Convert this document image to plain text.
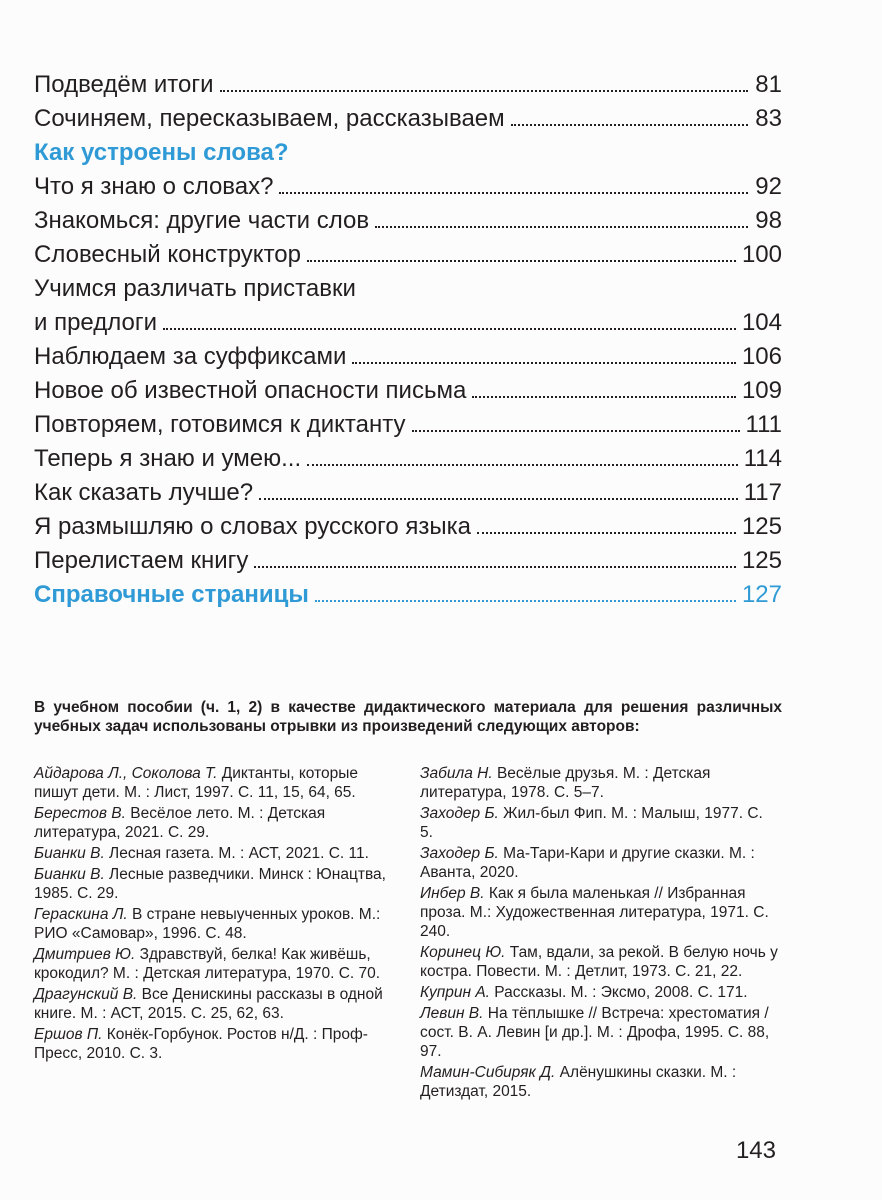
Подведём итоги	81
Сочиняем, пересказываем, рассказываем	83
Как устроены слова?
Что я знаю о словах?	92
Знакомься: другие части слов	98
Словесный конструктор	100
Учимся различать приставки
и предлоги	104
Наблюдаем за суффиксами	106
Новое об известной опасности письма	109
Повторяем, готовимся к диктанту	111
Теперь я знаю и умею...	114
Как сказать лучше?	117
Я размышляю о словах русского языка	125
Перелистаем книгу	125
Справочные страницы	127
В учебном пособии (ч. 1, 2) в качестве дидактического материала для решения различных учебных задач использованы отрывки из произведений следующих авторов:
Айдарова Л., Соколова Т. Диктанты, которые пишут дети. М. : Лист, 1997. С. 11, 15, 64, 65.
Берестов В. Весёлое лето. М. : Детская литература, 2021. С. 29.
Бианки В. Лесная газета. М. : АСТ, 2021. С. 11.
Бианки В. Лесные разведчики. Минск : Юнацтва, 1985. С. 29.
Гераскина Л. В стране невыученных уроков. М.: РИО «Самовар», 1996. С. 48.
Дмитриев Ю. Здравствуй, белка! Как живёшь, крокодил? М. : Детская литература, 1970. С. 70.
Драгунский В. Все Денискины рассказы в одной книге. М. : АСТ, 2015. С. 25, 62, 63.
Ершов П. Конёк-Горбунок. Ростов н/Д. : Проф-Пресс, 2010. С. 3.
Забила Н. Весёлые друзья. М. : Детская литература, 1978. С. 5–7.
Заходер Б. Жил-был Фип. М. : Малыш, 1977. С. 5.
Заходер Б. Ма-Тари-Кари и другие сказки. М. : Аванта, 2020.
Инбер В. Как я была маленькая // Избранная проза. М.: Художественная литература, 1971. С. 240.
Коринец Ю. Там, вдали, за рекой. В белую ночь у костра. Повести. М. : Детлит, 1973. С. 21, 22.
Куприн А. Рассказы. М. : Эксмо, 2008. С. 171.
Левин В. На тёплышке // Встреча: хрестоматия / сост. В. А. Левин [и др.]. М. : Дрофа, 1995. С. 88, 97.
Мамин-Сибиряк Д. Алёнушкины сказки. М. : Детиздат, 2015.
143
